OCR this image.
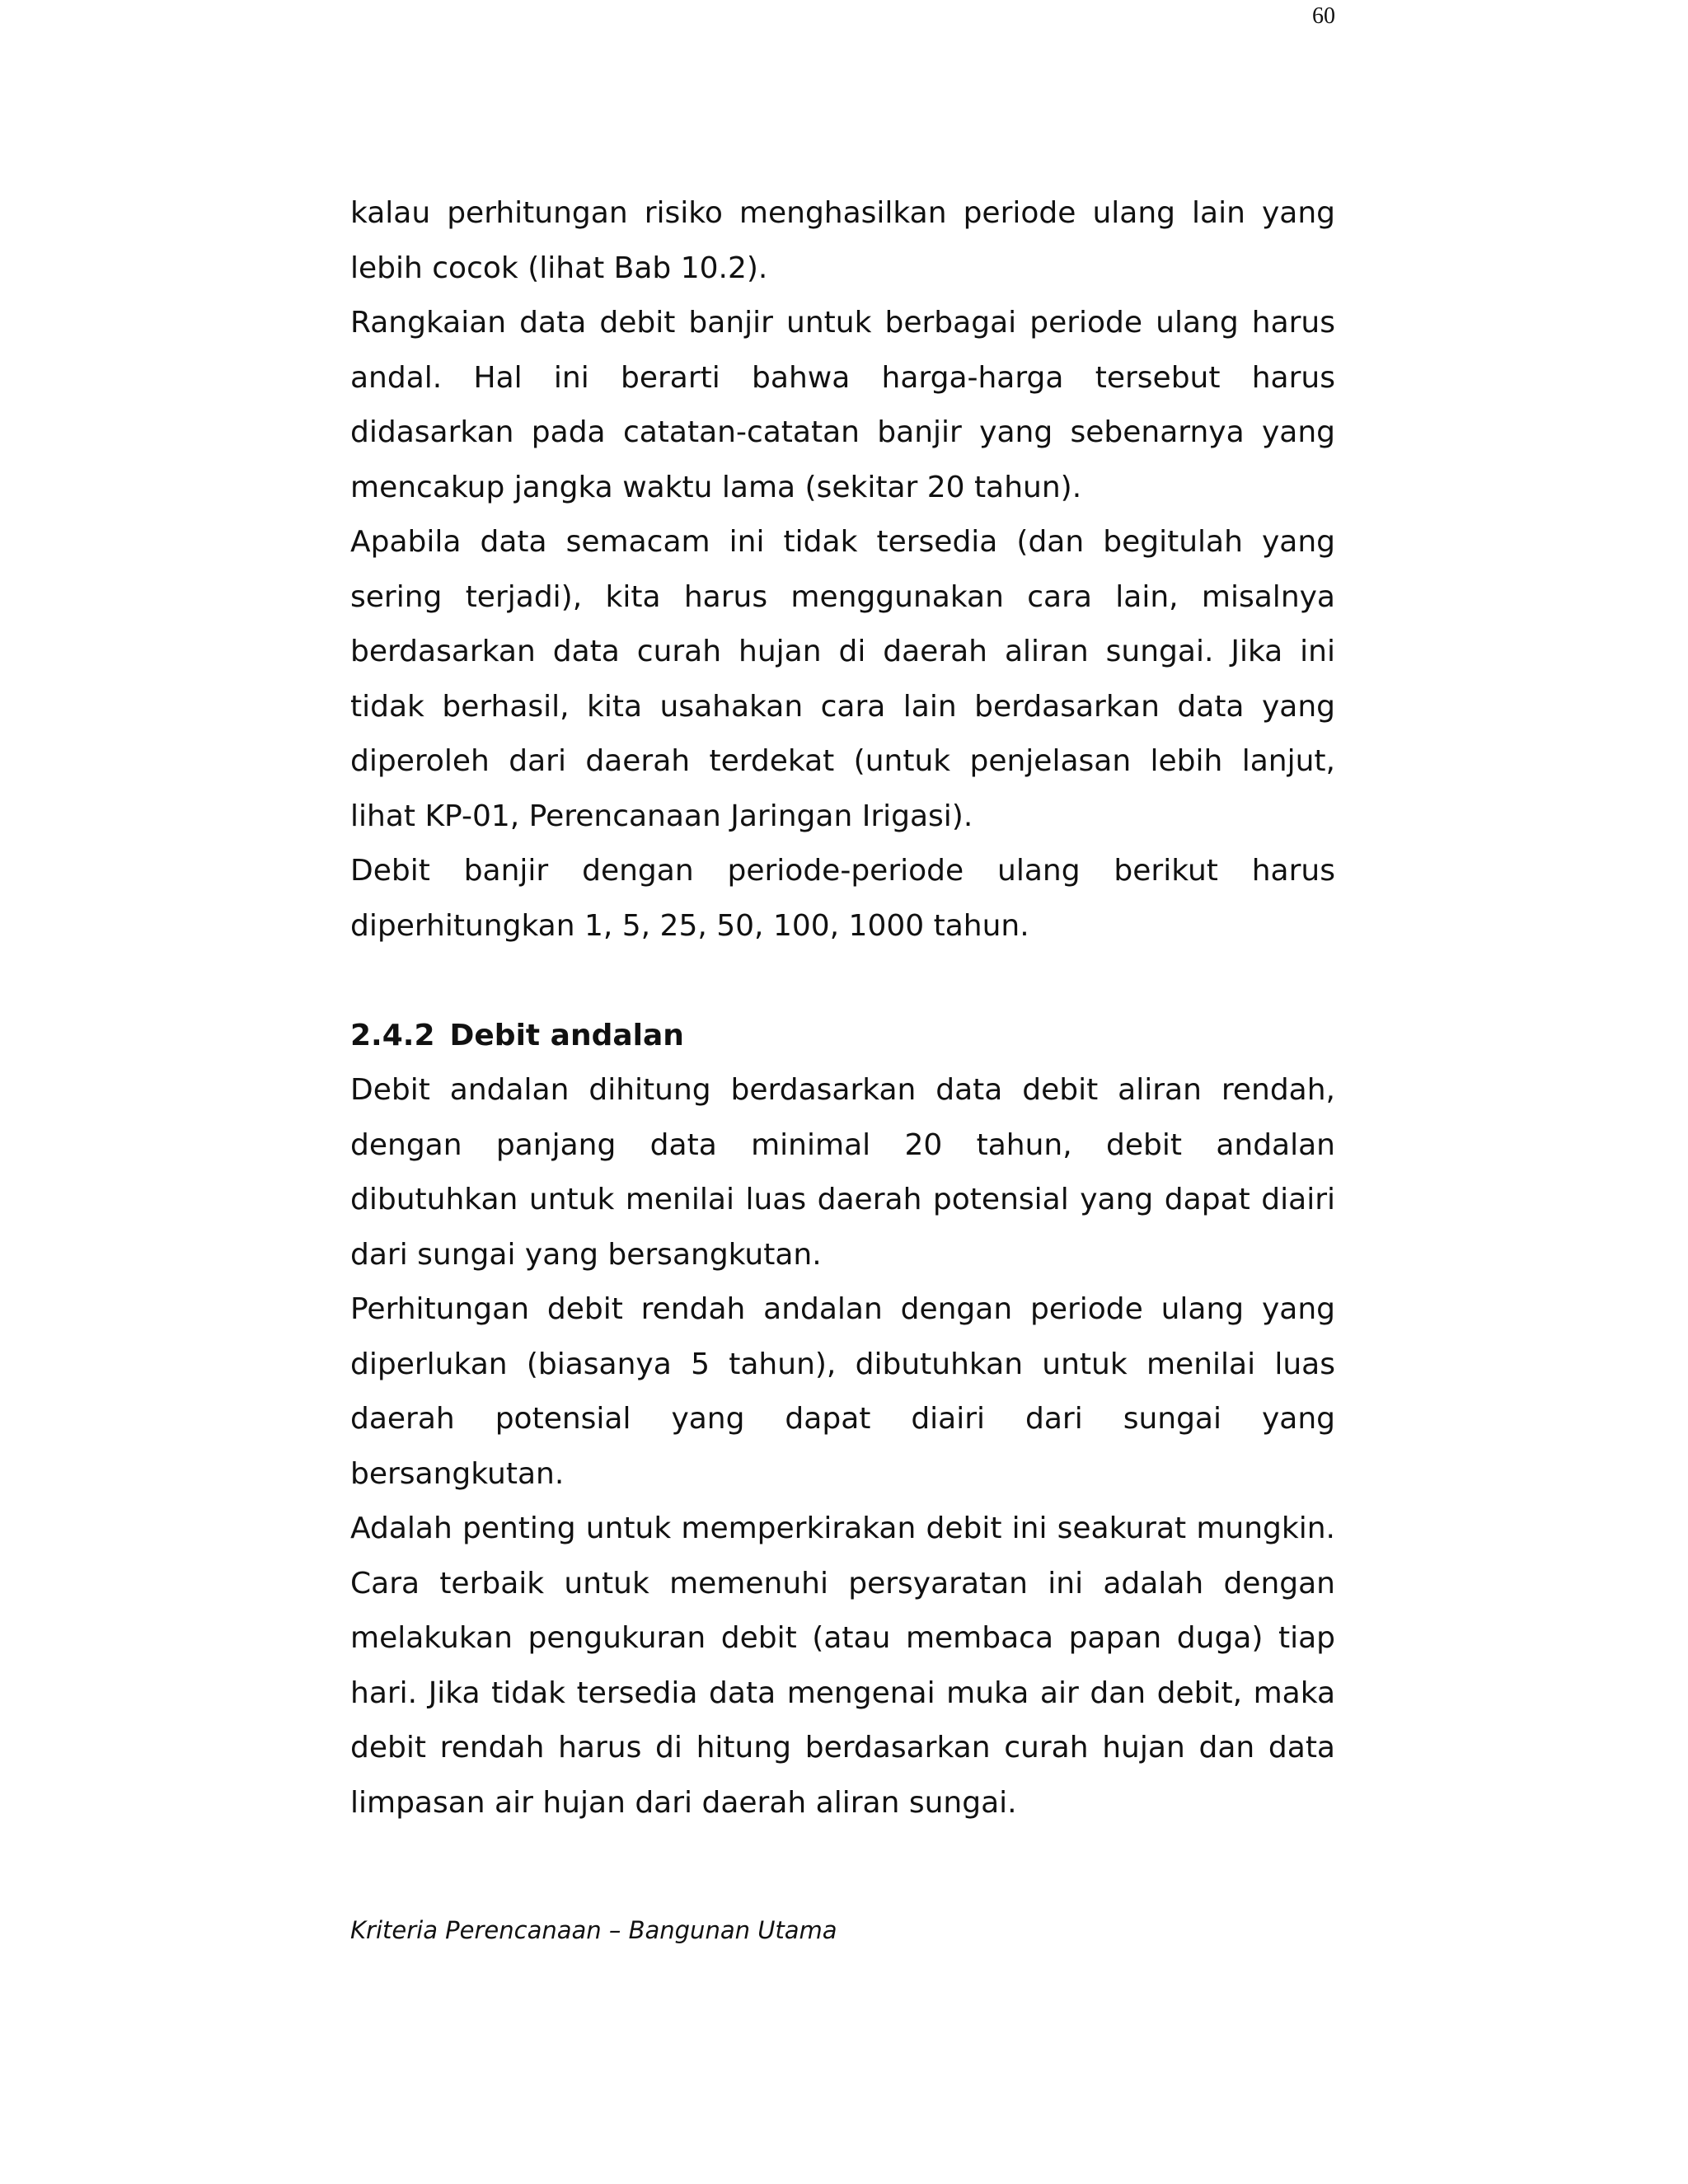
60

kalau perhitungan risiko menghasilkan periode ulang lain yang lebih cocok (lihat Bab 10.2).

Rangkaian data debit banjir untuk berbagai periode ulang harus andal. Hal ini berarti bahwa harga-harga tersebut harus didasarkan pada catatan-catatan banjir yang sebenarnya yang mencakup jangka waktu lama (sekitar 20 tahun).

Apabila data semacam ini tidak tersedia (dan begitulah yang sering terjadi), kita harus menggunakan cara lain, misalnya berdasarkan data curah hujan di daerah aliran sungai. Jika ini tidak berhasil, kita usahakan cara lain berdasarkan data yang diperoleh dari daerah terdekat (untuk penjelasan lebih lanjut, lihat KP-01, Perencanaan Jaringan Irigasi).

Debit banjir dengan periode-periode ulang berikut harus diperhitungkan 1, 5, 25, 50, 100, 1000 tahun.

2.4.2 Debit andalan

Debit andalan dihitung berdasarkan data debit aliran rendah, dengan panjang data minimal 20 tahun, debit andalan dibutuhkan untuk menilai luas daerah potensial yang dapat diairi dari sungai yang bersangkutan.

Perhitungan debit rendah andalan dengan periode ulang yang diperlukan (biasanya 5 tahun), dibutuhkan untuk menilai luas daerah potensial yang dapat diairi dari sungai yang bersangkutan.

Adalah penting untuk memperkirakan debit ini seakurat mungkin. Cara terbaik untuk memenuhi persyaratan ini adalah dengan melakukan pengukuran debit (atau membaca papan duga) tiap hari. Jika tidak tersedia data mengenai muka air dan debit, maka debit rendah harus di hitung berdasarkan curah hujan dan data limpasan air hujan dari daerah aliran sungai.

Kriteria Perencanaan – Bangunan Utama
